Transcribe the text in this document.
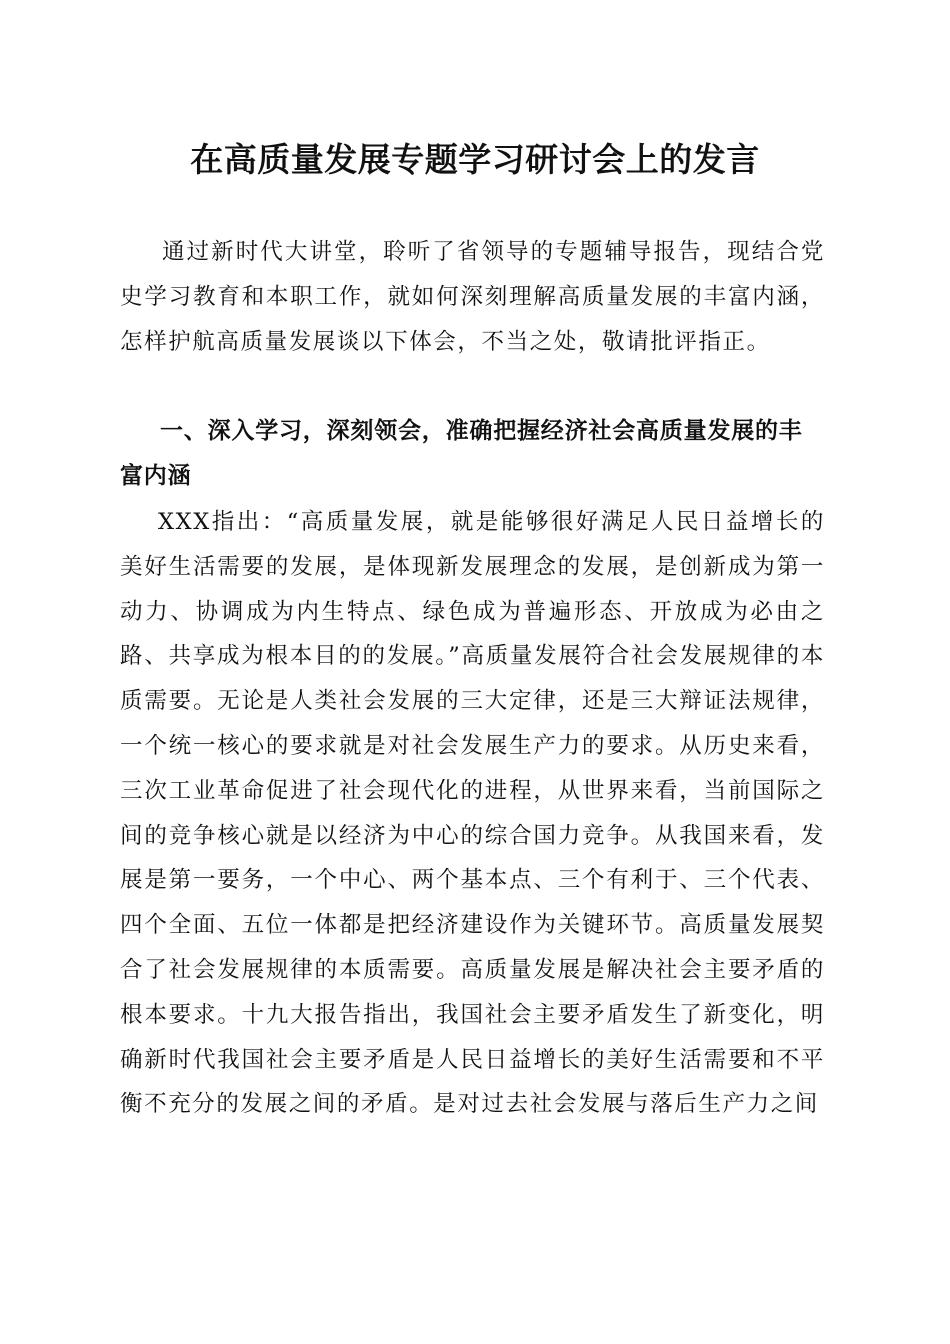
在高质量发展专题学习研讨会上的发言

通过新时代大讲堂，聆听了省领导的专题辅导报告，现结合党史学习教育和本职工作，就如何深刻理解高质量发展的丰富内涵，怎样护航高质量发展谈以下体会，不当之处，敬请批评指正。

一、深入学习，深刻领会，准确把握经济社会高质量发展的丰富内涵

XXX指出：“高质量发展，就是能够很好满足人民日益增长的美好生活需要的发展，是体现新发展理念的发展，是创新成为第一动力、协调成为内生特点、绿色成为普遍形态、开放成为必由之路、共享成为根本目的的发展。”高质量发展符合社会发展规律的本质需要。无论是人类社会发展的三大定律，还是三大辩证法规律，一个统一核心的要求就是对社会发展生产力的要求。从历史来看，三次工业革命促进了社会现代化的进程，从世界来看，当前国际之间的竞争核心就是以经济为中心的综合国力竞争。从我国来看，发展是第一要务，一个中心、两个基本点、三个有利于、三个代表、四个全面、五位一体都是把经济建设作为关键环节。高质量发展契合了社会发展规律的本质需要。高质量发展是解决社会主要矛盾的根本要求。十九大报告指出，我国社会主要矛盾发生了新变化，明确新时代我国社会主要矛盾是人民日益增长的美好生活需要和不平衡不充分的发展之间的矛盾。是对过去社会发展与落后生产力之间
